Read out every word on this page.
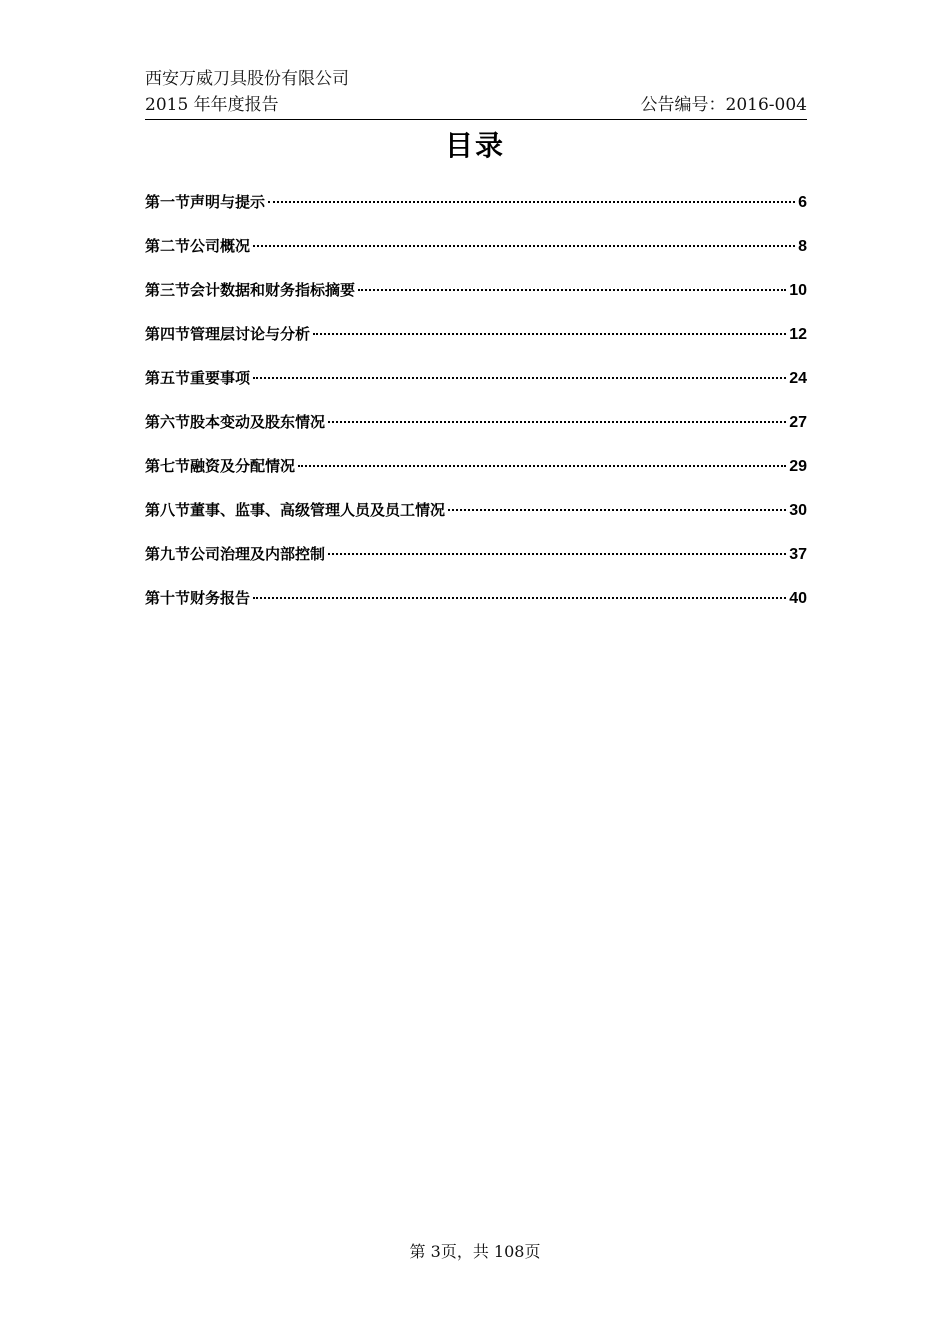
西安万威刀具股份有限公司
2015 年年度报告	公告编号：2016-004
目录
第一节声明与提示	6
第二节公司概况	8
第三节会计数据和财务指标摘要	10
第四节管理层讨论与分析	12
第五节重要事项	24
第六节股本变动及股东情况	27
第七节融资及分配情况	29
第八节董事、监事、高级管理人员及员工情况	30
第九节公司治理及内部控制	37
第十节财务报告	40
第 3页，共 108页
